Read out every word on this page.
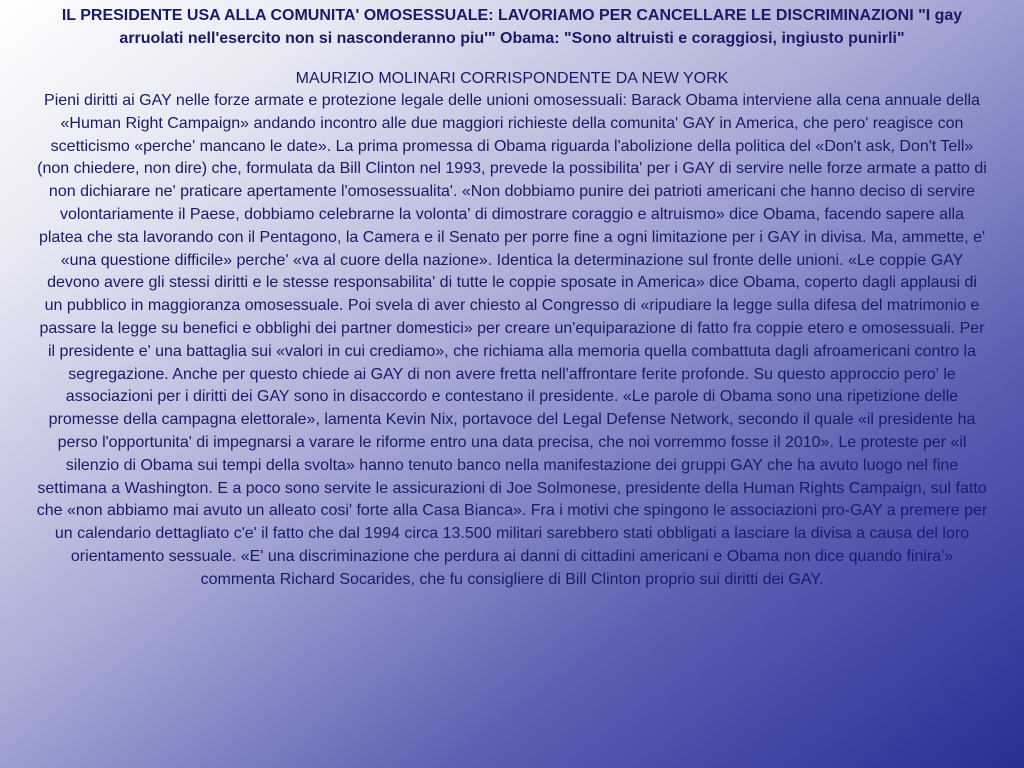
IL PRESIDENTE USA ALLA COMUNITA' OMOSESSUALE: LAVORIAMO PER CANCELLARE LE DISCRIMINAZIONI "I gay arruolati nell'esercito non si nasconderanno piu'" Obama: "Sono altruisti e coraggiosi, ingiusto punirli"

MAURIZIO MOLINARI CORRISPONDENTE DA NEW YORK

Pieni diritti ai GAY nelle forze armate e protezione legale delle unioni omosessuali: Barack Obama interviene alla cena annuale della «Human Right Campaign» andando incontro alle due maggiori richieste della comunita' GAY in America, che pero' reagisce con scetticismo «perche' mancano le date». La prima promessa di Obama riguarda l'abolizione della politica del «Don't ask, Don't Tell» (non chiedere, non dire) che, formulata da Bill Clinton nel 1993, prevede la possibilita' per i GAY di servire nelle forze armate a patto di non dichiarare ne' praticare apertamente l'omosessualita'. «Non dobbiamo punire dei patrioti americani che hanno deciso di servire volontariamente il Paese, dobbiamo celebrarne la volonta' di dimostrare coraggio e altruismo» dice Obama, facendo sapere alla platea che sta lavorando con il Pentagono, la Camera e il Senato per porre fine a ogni limitazione per i GAY in divisa. Ma, ammette, e' «una questione difficile» perche' «va al cuore della nazione». Identica la determinazione sul fronte delle unioni. «Le coppie GAY devono avere gli stessi diritti e le stesse responsabilita' di tutte le coppie sposate in America» dice Obama, coperto dagli applausi di un pubblico in maggioranza omosessuale. Poi svela di aver chiesto al Congresso di «ripudiare la legge sulla difesa del matrimonio e passare la legge su benefici e obblighi dei partner domestici» per creare un'equiparazione di fatto fra coppie etero e omosessuali. Per il presidente e' una battaglia sui «valori in cui crediamo», che richiama alla memoria quella combattuta dagli afroamericani contro la segregazione. Anche per questo chiede ai GAY di non avere fretta nell'affrontare ferite profonde. Su questo approccio pero' le associazioni per i diritti dei GAY sono in disaccordo e contestano il presidente. «Le parole di Obama sono una ripetizione delle promesse della campagna elettorale», lamenta Kevin Nix, portavoce del Legal Defense Network, secondo il quale «il presidente ha perso l'opportunita' di impegnarsi a varare le riforme entro una data precisa, che noi vorremmo fosse il 2010». Le proteste per «il silenzio di Obama sui tempi della svolta» hanno tenuto banco nella manifestazione dei gruppi GAY che ha avuto luogo nel fine settimana a Washington. E a poco sono servite le assicurazioni di Joe Solmonese, presidente della Human Rights Campaign, sul fatto che «non abbiamo mai avuto un alleato cosi' forte alla Casa Bianca». Fra i motivi che spingono le associazioni pro-GAY a premere per un calendario dettagliato c'e' il fatto che dal 1994 circa 13.500 militari sarebbero stati obbligati a lasciare la divisa a causa del loro orientamento sessuale. «E' una discriminazione che perdura ai danni di cittadini americani e Obama non dice quando finira'» commenta Richard Socarides, che fu consigliere di Bill Clinton proprio sui diritti dei GAY.
